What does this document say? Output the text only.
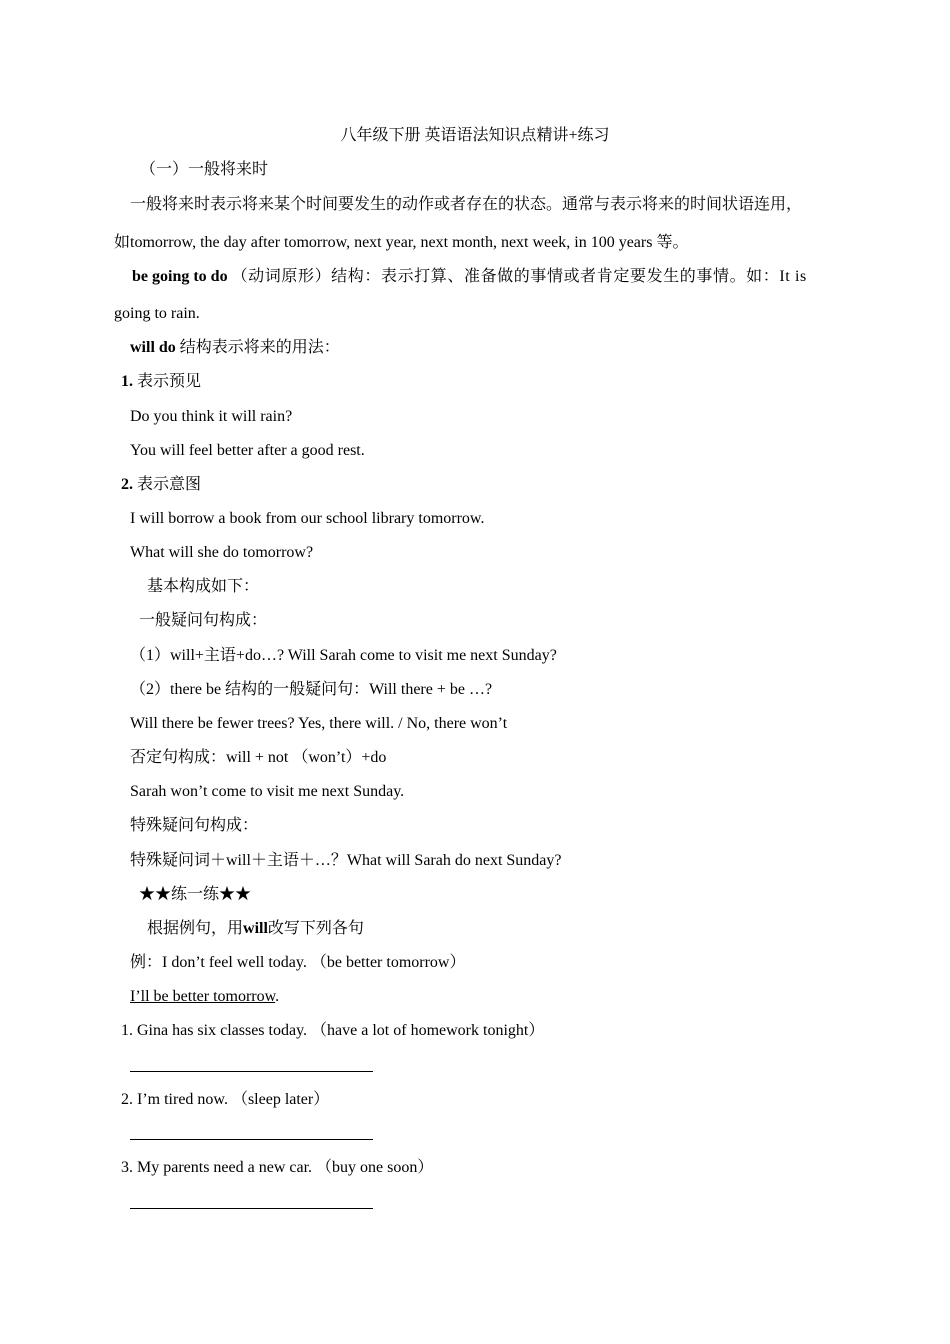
八年级下册 英语语法知识点精讲+练习
（一）一般将来时
一般将来时表示将来某个时间要发生的动作或者存在的状态。通常与表示将来的时间状语连用，
如tomorrow, the day after tomorrow, next year, next month, next week, in 100 years 等。
be going to do （动词原形）结构：表示打算、准备做的事情或者肯定要发生的事情。如：It is
going to rain.
will do 结构表示将来的用法：
1. 表示预见
Do you think it will rain?
You will feel better after a good rest.
2. 表示意图
I will borrow a book from our school library tomorrow.
What will she do tomorrow?
基本构成如下：
一般疑问句构成：
（1）will+主语+do…? Will Sarah come to visit me next Sunday?
（2）there be 结构的一般疑问句：Will there + be …?
Will there be fewer trees? Yes, there will. / No, there won’t
否定句构成：will + not （won’t）+do
Sarah won’t come to visit me next Sunday.
特殊疑问句构成：
特殊疑问词＋will＋主语＋…？What will Sarah do next Sunday?
★★练一练★★
根据例句，用will改写下列各句
例：I don’t feel well today. （be better tomorrow）
I’ll be better tomorrow.
1. Gina has six classes today. （have a lot of homework tonight）
2. I’m tired now. （sleep later）
3. My parents need a new car. （buy one soon）
